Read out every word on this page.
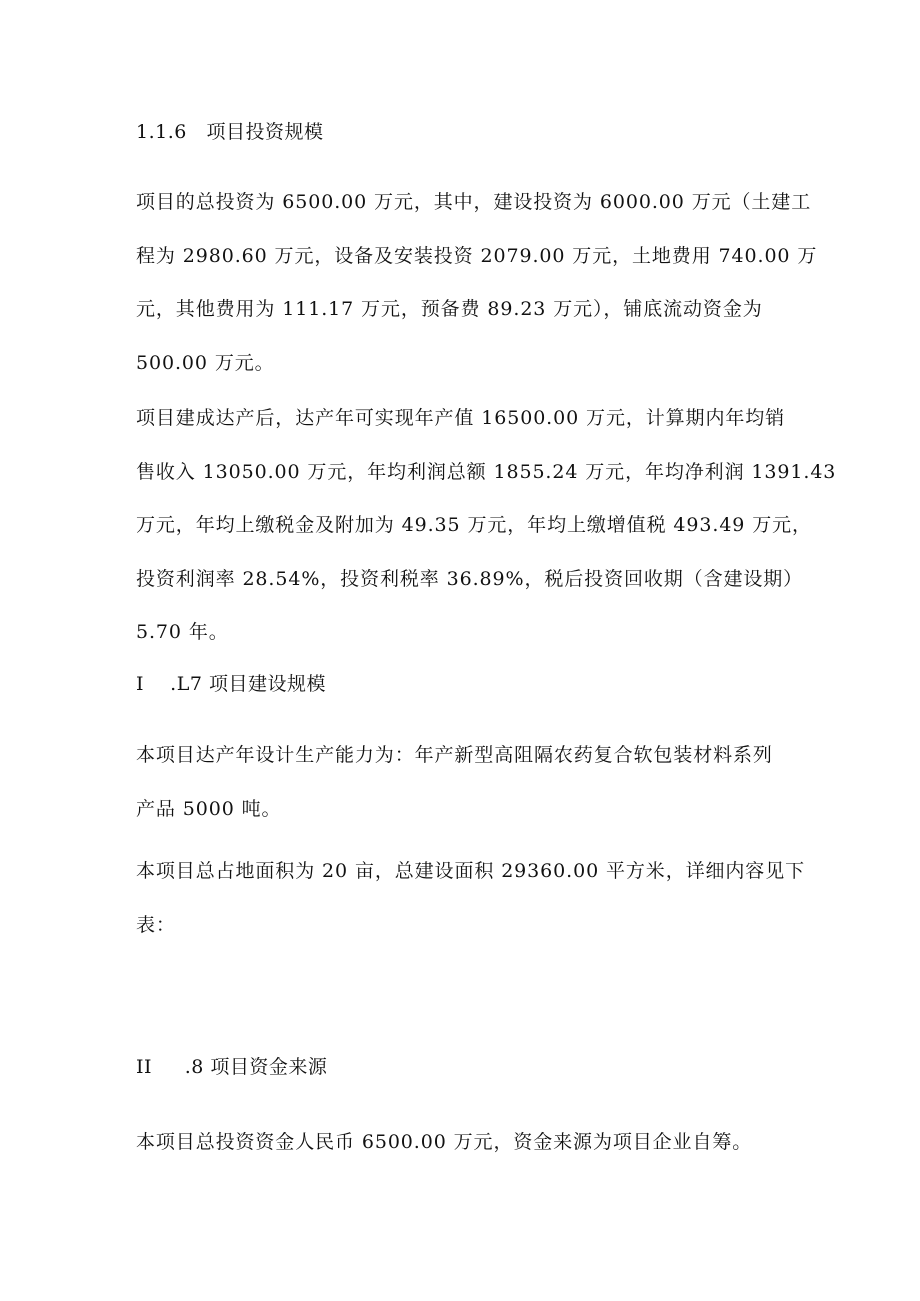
1.1.6   项目投资规模
项目的总投资为 6500.00 万元，其中，建设投资为 6000.00 万元（土建工
程为 2980.60 万元，设备及安装投资 2079.00 万元，土地费用 740.00 万
元，其他费用为 111.17 万元，预备费 89.23 万元），铺底流动资金为
500.00 万元。
项目建成达产后，达产年可实现年产值 16500.00 万元，计算期内年均销
售收入 13050.00 万元，年均利润总额 1855.24 万元，年均净利润 1391.43
万元，年均上缴税金及附加为 49.35 万元，年均上缴增值税 493.49 万元，
投资利润率 28.54%，投资利税率 36.89%，税后投资回收期（含建设期）
5.70 年。
I    .L7 项目建设规模
本项目达产年设计生产能力为：年产新型高阻隔农药复合软包装材料系列
产品 5000 吨。
本项目总占地面积为 20 亩，总建设面积 29360.00 平方米，详细内容见下
表：
II     .8 项目资金来源
本项目总投资资金人民币 6500.00 万元，资金来源为项目企业自筹。
